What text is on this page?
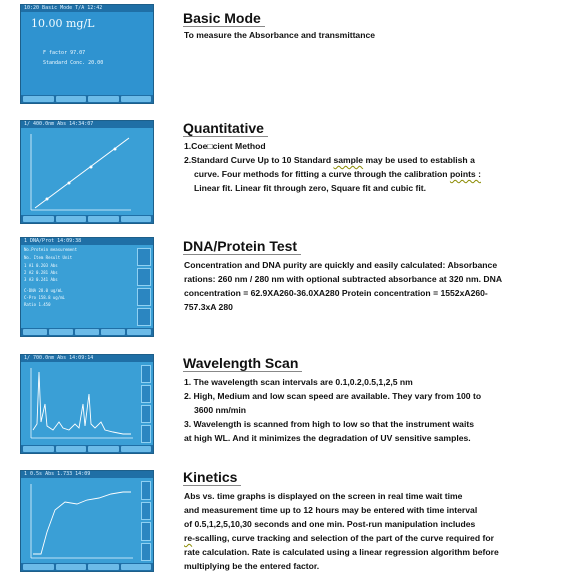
10:20 Basic Mode T/A 12:42
10.00 mg/L
F factor 97.07
Standard Conc. 20.00
Basic Mode

To measure the Absorbance and transmittance

1/ 400.0nm Abs 14:34:07	Quantitative

1.Coe□cient Method

2.Standard Curve Up to 10 Standard sample may be used to establish a

curve. Four methods for fitting a curve through the calibration points :

Linear fit. Linear fit through zero, Square fit and cubic fit.

1 DNA/Prot 14:09:38
No.Protein measurement
No. Item Result Unit
1 A1 0.203 Abs
2 A2 0.281 Abs
3 A3 0.241 Abs
C-DNA 28.0 ug/mL
C-Pro 158.8 ug/mL
Ratio 1.450
DNA/Protein Test

Concentration and DNA purity are quickly and easily calculated: Absorbance

rations: 260 nm / 280 nm with optional subtracted absorbance at 320 nm. DNA

concentration = 62.9XA260-36.0XA280 Protein concentration = 1552xA260-

757.3xA 280

1/ 700.0nm Abs 14:09:14	Wavelength Scan

1. The wavelength scan intervals are 0.1,0.2,0.5,1,2,5 nm

2. High, Medium and low scan speed are available. They vary from 100 to

3600 nm/min

3. Wavelength is scanned from high to low so that the instrument waits

at high WL. And it minimizes the degradation of UV sensitive samples.

1 0.5s Abs 1.733 14:09	Kinetics

Abs vs. time graphs is displayed on the screen in real time wait time

and measurement time up to 12 hours may be entered with time interval

of 0.5,1,2,5,10,30 seconds and one min. Post-run manipulation includes

re-scalling, curve tracking and selection of the part of the curve required for

rate calculation. Rate is calculated using a linear regression algorithm before

multiplying be the entered factor.
